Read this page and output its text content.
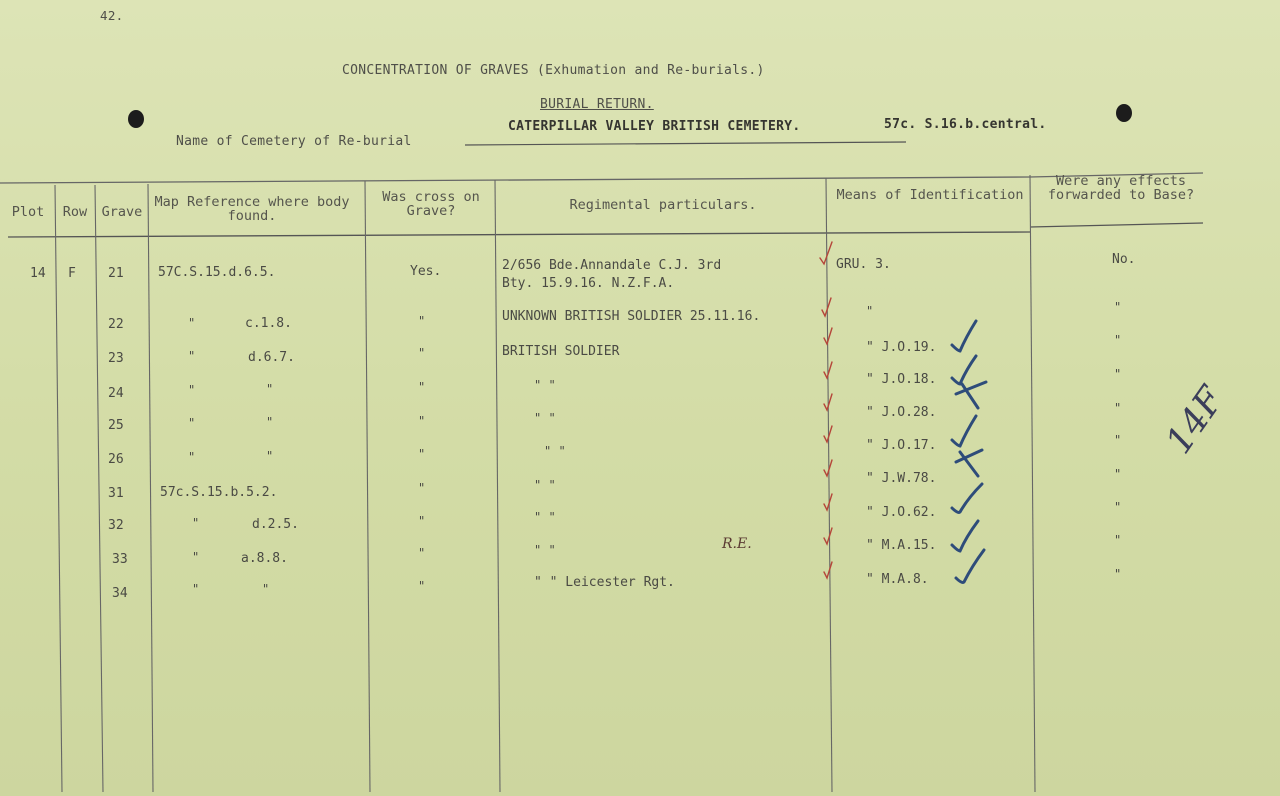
42.
CONCENTRATION OF GRAVES (Exhumation and Re-burials.)
BURIAL RETURN.
Name of Cemetery of Re-burial
CATERPILLAR VALLEY BRITISH CEMETERY.	57c. S.16.b.central.
Plot	Row	Grave
Map Reference where body found.
Was cross on Grave?	Regimental particulars.
Means of Identification
Were any effects forwarded to Base?
14 F 21	57C.S.15.d.6.5.	Yes.	2/656 Bde.Annandale C.J. 3rd
Bty. 15.9.16. N.Z.F.A.
GRU. 3.	No.
22	"	c.1.8.	"	UNKNOWN BRITISH SOLDIER 25.11.16.	"	"
23	"	d.6.7.	"	BRITISH SOLDIER	" J.O.19.	"
24	"	"	"	" "	" J.O.18.	"
25	"	"	"	" "	" J.O.28.	"
26	"	"	"	" "	" J.O.17.	"
31	57c.S.15.b.5.2.	"	" "	" J.W.78.	"
32	"	d.2.5.	"	" "	" J.O.62.	"
33	"	a.8.8.	"	" "	R.E.	" M.A.15.	"
34	"	"	"	" " Leicester Rgt.	" M.A.8.	"
14F
